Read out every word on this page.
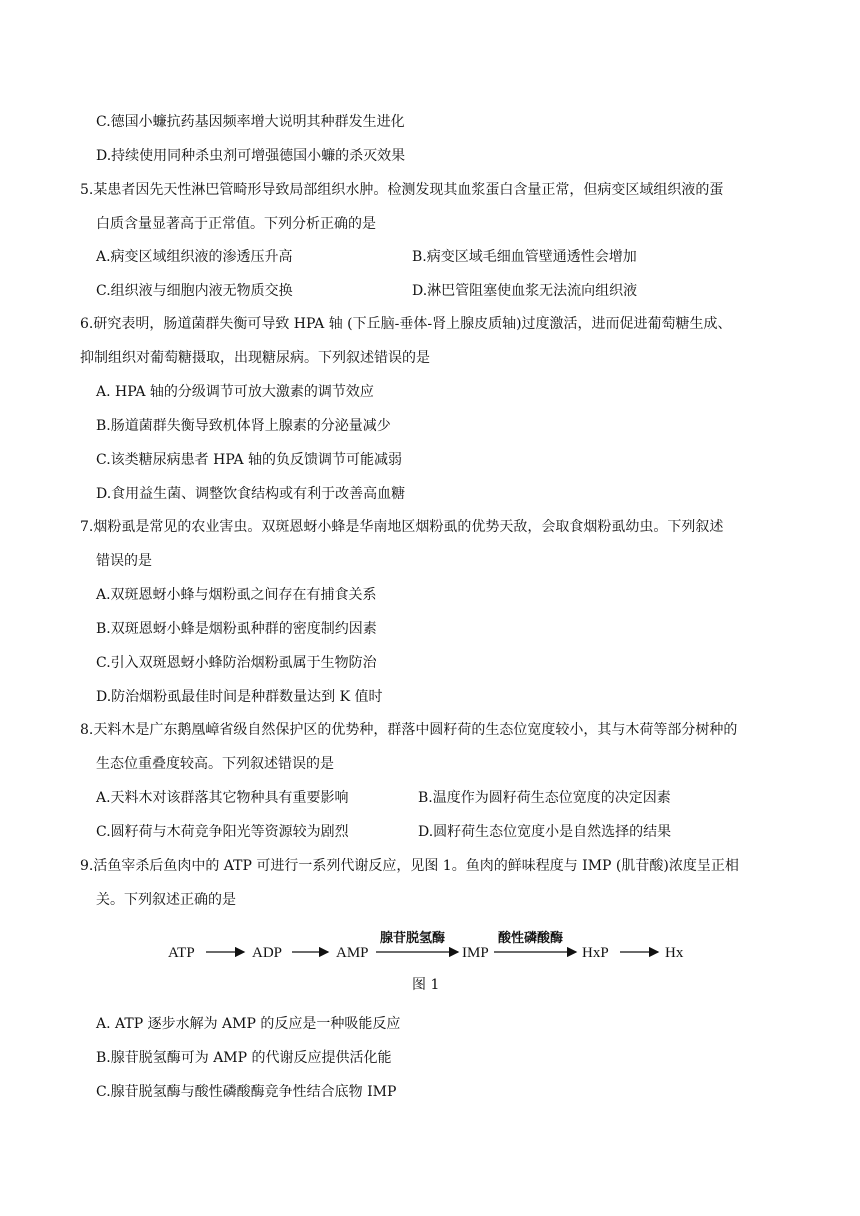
C.德国小蠊抗药基因频率增大说明其种群发生进化
D.持续使用同种杀虫剂可增强德国小蠊的杀灭效果
5.某患者因先天性淋巴管畸形导致局部组织水肿。检测发现其血浆蛋白含量正常，但病变区域组织液的蛋
白质含量显著高于正常值。下列分析正确的是
A.病变区域组织液的渗透压升高	B.病变区域毛细血管壁通透性会增加
C.组织液与细胞内液无物质交换	D.淋巴管阻塞使血浆无法流向组织液
6.研究表明，肠道菌群失衡可导致 HPA 轴 (下丘脑-垂体-肾上腺皮质轴)过度激活，进而促进葡萄糖生成、
抑制组织对葡萄糖摄取，出现糖尿病。下列叙述错误的是
A. HPA 轴的分级调节可放大激素的调节效应
B.肠道菌群失衡导致机体肾上腺素的分泌量减少
C.该类糖尿病患者 HPA 轴的负反馈调节可能减弱
D.食用益生菌、调整饮食结构或有利于改善高血糖
7.烟粉虱是常见的农业害虫。双斑恩蚜小蜂是华南地区烟粉虱的优势天敌，会取食烟粉虱幼虫。下列叙述
错误的是
A.双斑恩蚜小蜂与烟粉虱之间存在有捕食关系
B.双斑恩蚜小蜂是烟粉虱种群的密度制约因素
C.引入双斑恩蚜小蜂防治烟粉虱属于生物防治
D.防治烟粉虱最佳时间是种群数量达到 K 值时
8.天料木是广东鹅凰嶂省级自然保护区的优势种，群落中圆籽荷的生态位宽度较小，其与木荷等部分树种的
生态位重叠度较高。下列叙述错误的是
A.天料木对该群落其它物种具有重要影响	B.温度作为圆籽荷生态位宽度的决定因素
C.圆籽荷与木荷竞争阳光等资源较为剧烈	D.圆籽荷生态位宽度小是自然选择的结果
9.活鱼宰杀后鱼肉中的 ATP 可进行一系列代谢反应，见图 1。鱼肉的鲜味程度与 IMP (肌苷酸)浓度呈正相
关。下列叙述正确的是
ATP	ADP	AMP
腺苷脱氢酶
IMP
酸性磷酸酶
HxP	Hx
图 1
A. ATP 逐步水解为 AMP 的反应是一种吸能反应
B.腺苷脱氢酶可为 AMP 的代谢反应提供活化能
C.腺苷脱氢酶与酸性磷酸酶竞争性结合底物 IMP
